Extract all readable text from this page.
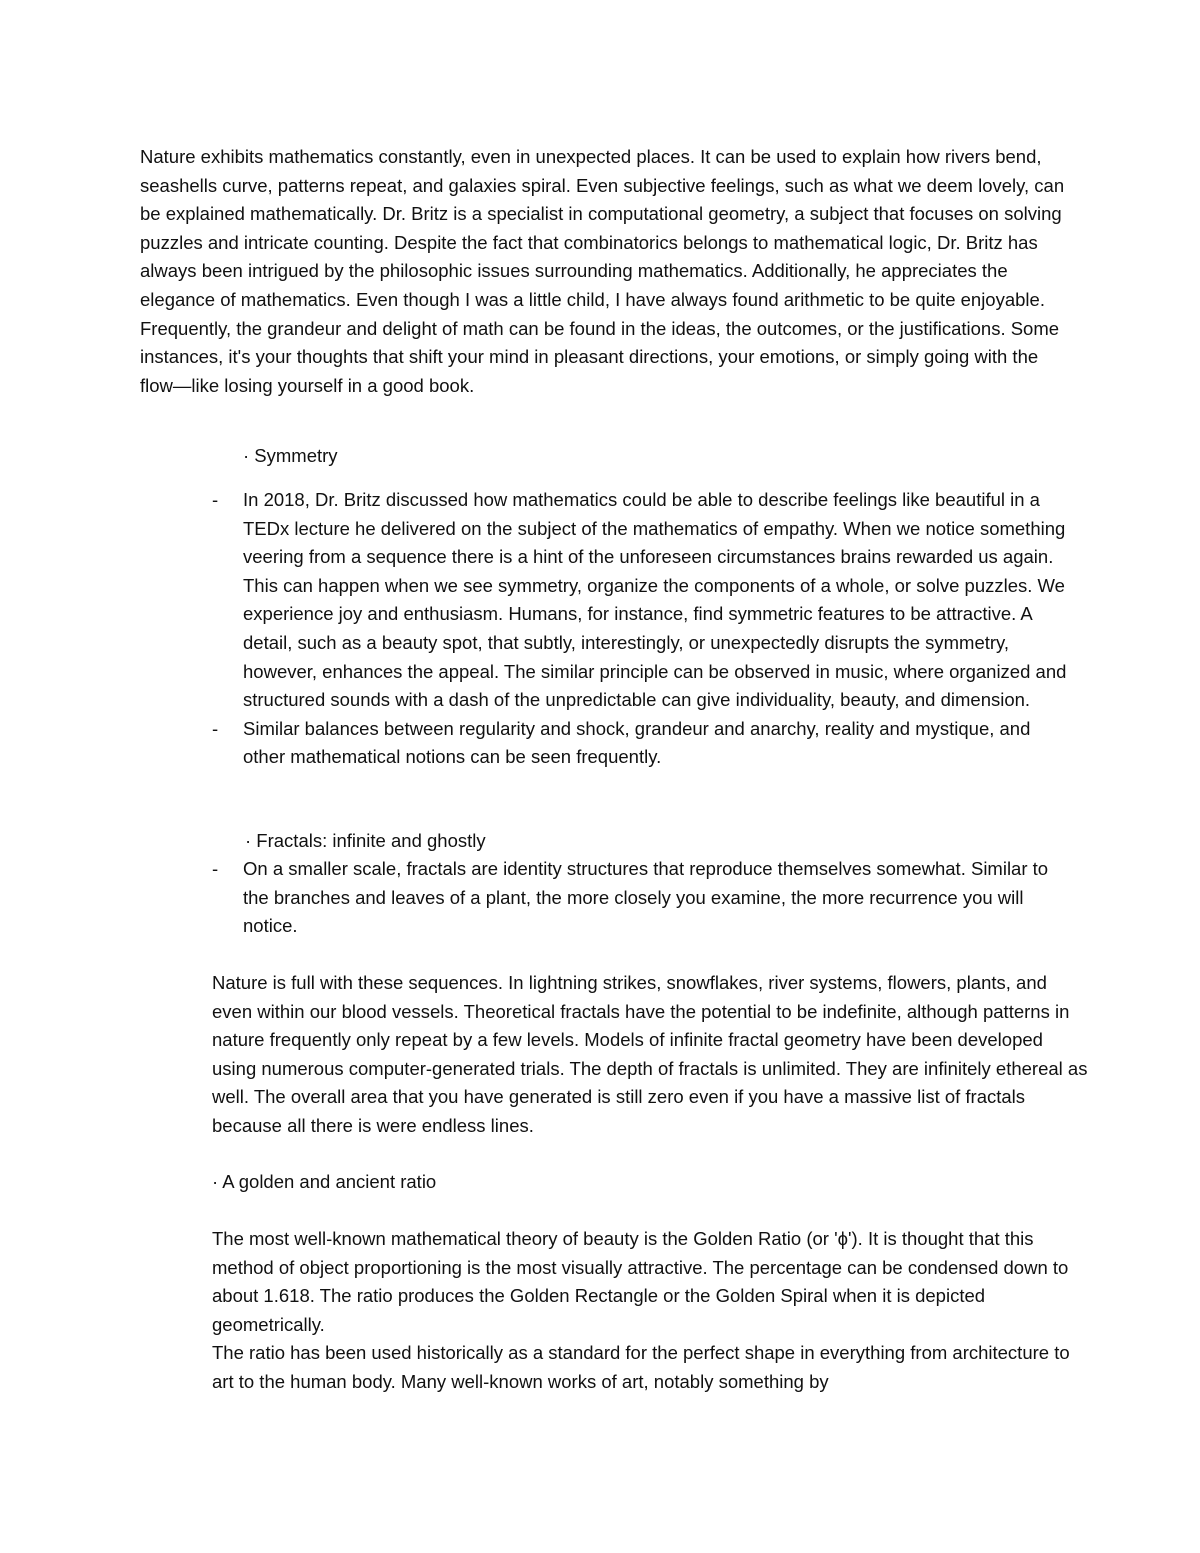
Nature exhibits mathematics constantly, even in unexpected places. It can be used to explain how rivers bend, seashells curve, patterns repeat, and galaxies spiral. Even subjective feelings, such as what we deem lovely, can be explained mathematically. Dr. Britz is a specialist in computational geometry, a subject that focuses on solving puzzles and intricate counting. Despite the fact that combinatorics belongs to mathematical logic, Dr. Britz has always been intrigued by the philosophic issues surrounding mathematics. Additionally, he appreciates the elegance of mathematics. Even though I was a little child, I have always found arithmetic to be quite enjoyable. Frequently, the grandeur and delight of math can be found in the ideas, the outcomes, or the justifications. Some instances, it's your thoughts that shift your mind in pleasant directions, your emotions, or simply going with the flow—like losing yourself in a good book.

· Symmetry

- In 2018, Dr. Britz discussed how mathematics could be able to describe feelings like beautiful in a TEDx lecture he delivered on the subject of the mathematics of empathy. When we notice something veering from a sequence there is a hint of the unforeseen circumstances brains rewarded us again. This can happen when we see symmetry, organize the components of a whole, or solve puzzles. We experience joy and enthusiasm. Humans, for instance, find symmetric features to be attractive. A detail, such as a beauty spot, that subtly, interestingly, or unexpectedly disrupts the symmetry, however, enhances the appeal. The similar principle can be observed in music, where organized and structured sounds with a dash of the unpredictable can give individuality, beauty, and dimension.
- Similar balances between regularity and shock, grandeur and anarchy, reality and mystique, and other mathematical notions can be seen frequently.

· Fractals: infinite and ghostly

- On a smaller scale, fractals are identity structures that reproduce themselves somewhat. Similar to the branches and leaves of a plant, the more closely you examine, the more recurrence you will notice.

Nature is full with these sequences. In lightning strikes, snowflakes, river systems, flowers, plants, and even within our blood vessels. Theoretical fractals have the potential to be indefinite, although patterns in nature frequently only repeat by a few levels. Models of infinite fractal geometry have been developed using numerous computer-generated trials. The depth of fractals is unlimited. They are infinitely ethereal as well. The overall area that you have generated is still zero even if you have a massive list of fractals because all there is were endless lines.

· A golden and ancient ratio

The most well-known mathematical theory of beauty is the Golden Ratio (or 'ϕ'). It is thought that this method of object proportioning is the most visually attractive. The percentage can be condensed down to about 1.618. The ratio produces the Golden Rectangle or the Golden Spiral when it is depicted geometrically.

The ratio has been used historically as a standard for the perfect shape in everything from architecture to art to the human body. Many well-known works of art, notably something by
